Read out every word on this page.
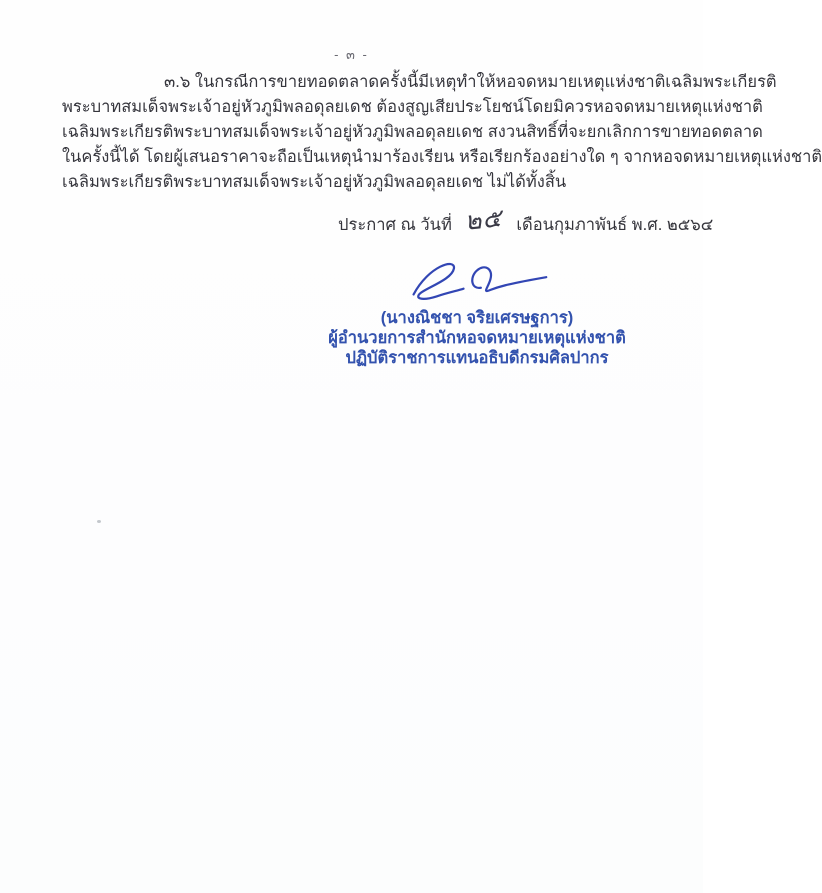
- ๓ -
๓.๖ ในกรณีการขายทอดตลาดครั้งนี้มีเหตุทำให้หอจดหมายเหตุแห่งชาติเฉลิมพระเกียรติ
พระบาทสมเด็จพระเจ้าอยู่หัวภูมิพลอดุลยเดช ต้องสูญเสียประโยชน์โดยมิควรหอจดหมายเหตุแห่งชาติ
เฉลิมพระเกียรติพระบาทสมเด็จพระเจ้าอยู่หัวภูมิพลอดุลยเดช สงวนสิทธิ์ที่จะยกเลิกการขายทอดตลาด
ในครั้งนี้ได้ โดยผู้เสนอราคาจะถือเป็นเหตุนำมาร้องเรียน หรือเรียกร้องอย่างใด ๆ จากหอจดหมายเหตุแห่งชาติ
เฉลิมพระเกียรติพระบาทสมเด็จพระเจ้าอยู่หัวภูมิพลอดุลยเดช ไม่ได้ทั้งสิ้น
ประกาศ ณ วันที่ ๒๕ เดือนกุมภาพันธ์ พ.ศ. ๒๕๖๔
(นางณิชชา จริยเศรษฐการ)
ผู้อำนวยการสำนักหอจดหมายเหตุแห่งชาติ
ปฏิบัติราชการแทนอธิบดีกรมศิลปากร
